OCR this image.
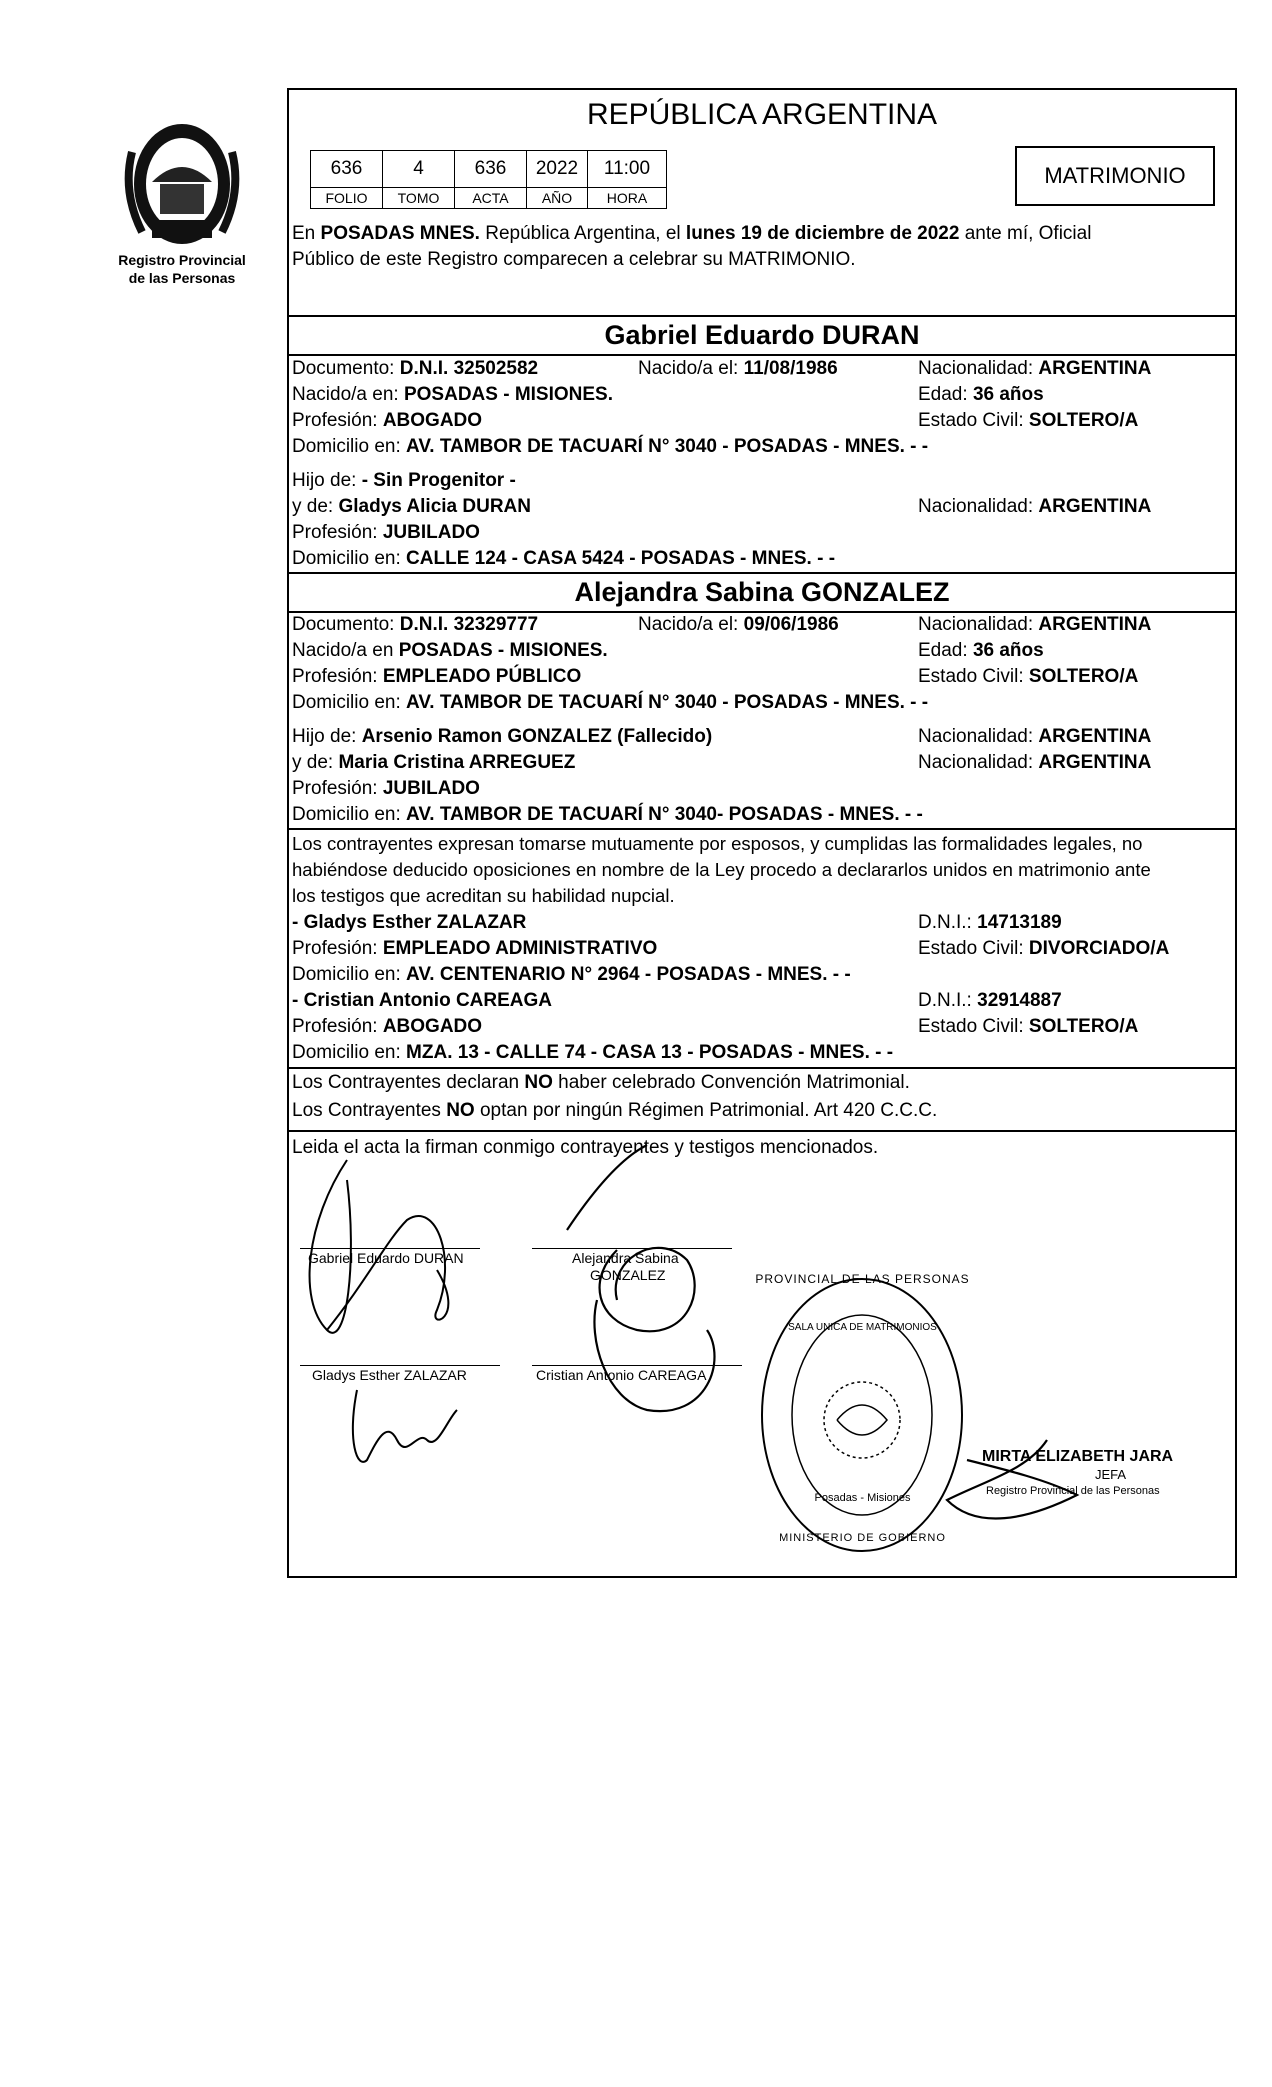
Registro Provincial
de las Personas
REPÚBLICA ARGENTINA
636	4	636	2022	11:00
FOLIO	TOMO	ACTA	AÑO	HORA
MATRIMONIO
En POSADAS MNES. República Argentina, el lunes 19 de diciembre de 2022 ante mí, Oficial
Público de este Registro comparecen a celebrar su MATRIMONIO.
Gabriel Eduardo DURAN
Documento: D.N.I. 32502582	Nacido/a el: 11/08/1986	Nacionalidad: ARGENTINA
Nacido/a en: POSADAS - MISIONES.	Edad: 36 años
Profesión: ABOGADO	Estado Civil: SOLTERO/A
Domicilio en: AV. TAMBOR DE TACUARÍ N° 3040 - POSADAS - MNES. - -
Hijo de: - Sin Progenitor -
y de: Gladys Alicia DURAN	Nacionalidad: ARGENTINA
Profesión: JUBILADO
Domicilio en: CALLE 124 - CASA 5424 - POSADAS - MNES. - -
Alejandra Sabina GONZALEZ
Documento: D.N.I. 32329777	Nacido/a el: 09/06/1986	Nacionalidad: ARGENTINA
Nacido/a en POSADAS - MISIONES.	Edad: 36 años
Profesión: EMPLEADO PÚBLICO	Estado Civil: SOLTERO/A
Domicilio en: AV. TAMBOR DE TACUARÍ N° 3040 - POSADAS - MNES. - -
Hijo de: Arsenio Ramon GONZALEZ (Fallecido)	Nacionalidad: ARGENTINA
y de: Maria Cristina ARREGUEZ	Nacionalidad: ARGENTINA
Profesión: JUBILADO
Domicilio en: AV. TAMBOR DE TACUARÍ N° 3040- POSADAS - MNES. - -
Los contrayentes expresan tomarse mutuamente por esposos, y cumplidas las formalidades legales, no
habiéndose deducido oposiciones en nombre de la Ley procedo a declararlos unidos en matrimonio ante
los testigos que acreditan su habilidad nupcial.
- Gladys Esther ZALAZAR	D.N.I.: 14713189
Profesión: EMPLEADO ADMINISTRATIVO	Estado Civil: DIVORCIADO/A
Domicilio en: AV. CENTENARIO N° 2964 - POSADAS - MNES. - -
- Cristian Antonio CAREAGA	D.N.I.: 32914887
Profesión: ABOGADO	Estado Civil: SOLTERO/A
Domicilio en: MZA. 13 - CALLE 74 - CASA 13 - POSADAS - MNES. - -
Los Contrayentes declaran NO haber celebrado Convención Matrimonial.
Los Contrayentes NO optan por ningún Régimen Patrimonial. Art 420 C.C.C.
Leida el acta la firman conmigo contrayentes y testigos mencionados.
Gabriel Eduardo DURAN	Alejandra Sabina
GONZALEZ
Gladys Esther ZALAZAR	Cristian Antonio CAREAGA
PROVINCIAL DE LAS PERSONAS
SALA UNICA DE MATRIMONIOS
Posadas - Misiones
MINISTERIO DE GOBIERNO
MIRTA ELIZABETH JARA
JEFA
Registro Provincial de las Personas
